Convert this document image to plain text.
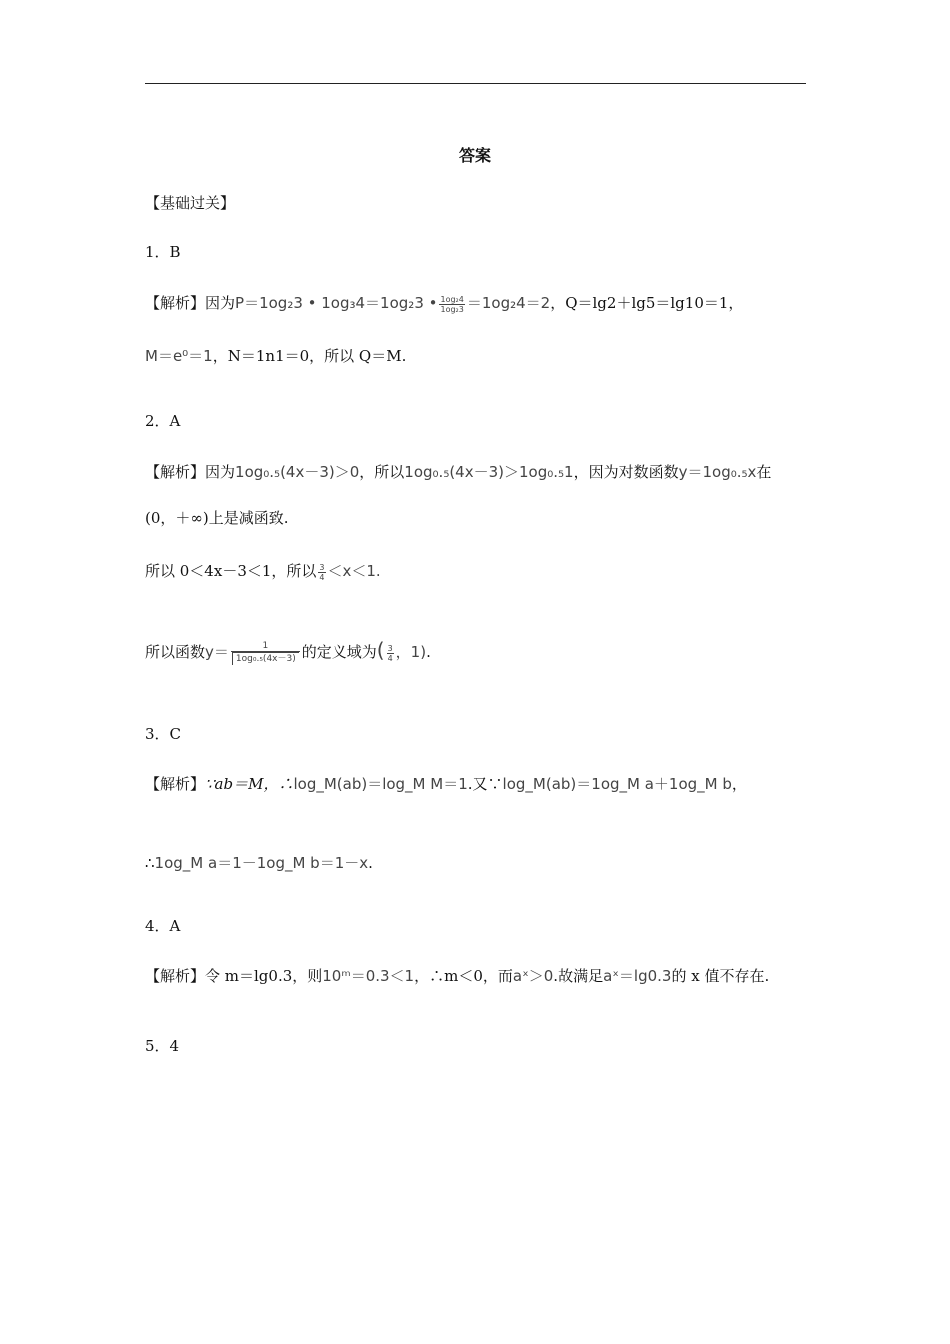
答案
【基础过关】
1．B
【解析】因为P＝1og₂3 • 1og₃4＝1og₂3 • $\frac{\text{1og₂4}}{\text{1og₂3}} =1og_24=2$，Q＝lg2＋lg5＝lg10＝1，
M＝e⁰＝1，N＝1n1＝0，所以 Q＝M.
2．A
【解析】因为1og₀.₅(4x－3)＞0，所以1og₀.₅(4x－3)＞1og₀.₅1，因为对数函数y＝1og₀.₅x在
(0，＋∞)上是减函致.
所以 0＜4x－3＜1，所以 $\frac{3}{4} <x<1$.
所以函数$y= \frac{1}{\text{1og₀.₅(4x－3)}}$ 的定义域为( $\frac{3}{4}$ ，1).
3．C
【解析】∵ab＝M，∴log_M(ab)＝log_M M＝1.又∵log_M(ab)＝1og_M a＋1og_M b，
∴1og_M a＝1－1og_M b＝1－x.
4．A
【解析】令 m＝lg0.3，则10ᵐ＝0.3＜1，∴m＜0，而aˣ＞0.故满足aˣ＝lg0.3的 x 值不存在.
5．4
